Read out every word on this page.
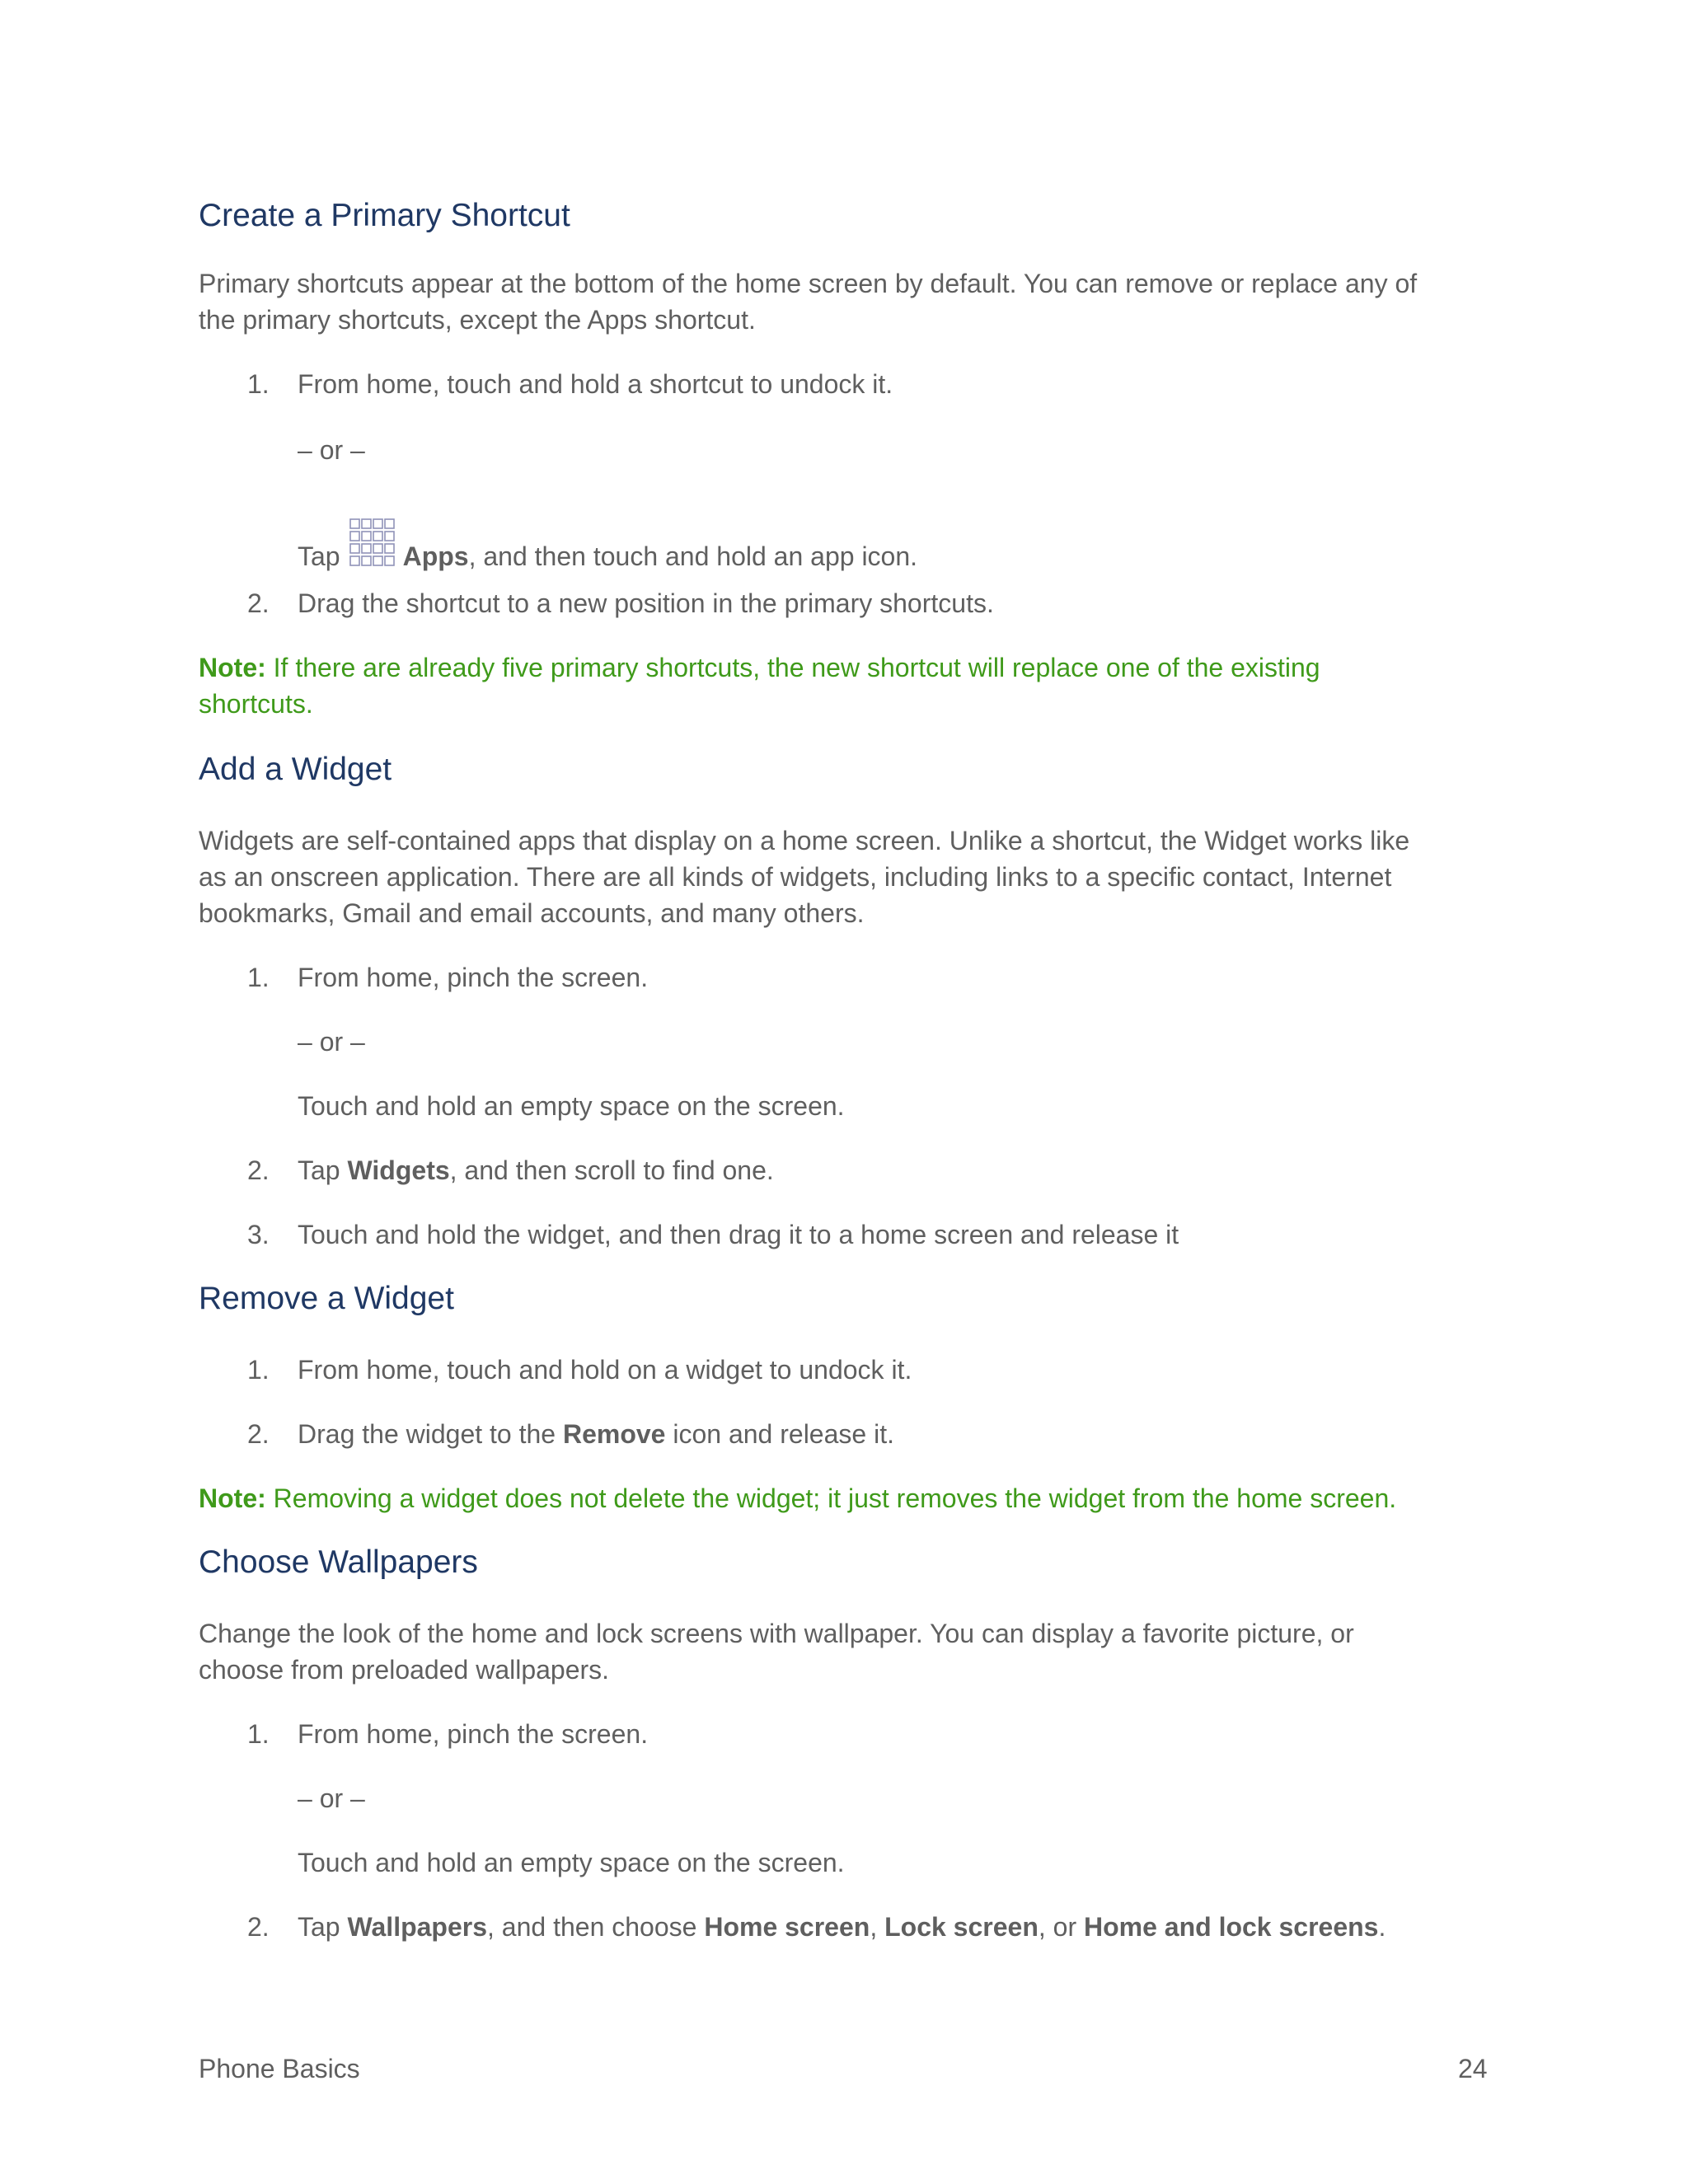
Create a Primary Shortcut

Primary shortcuts appear at the bottom of the home screen by default. You can remove or replace any of

the primary shortcuts, except the Apps shortcut.

1. From home, touch and hold a shortcut to undock it.
– or –
Tap Apps, and then touch and hold an app icon.
2. Drag the shortcut to a new position in the primary shortcuts.

Note: If there are already five primary shortcuts, the new shortcut will replace one of the existing

shortcuts.

Add a Widget

Widgets are self-contained apps that display on a home screen. Unlike a shortcut, the Widget works like

as an onscreen application. There are all kinds of widgets, including links to a specific contact, Internet

bookmarks, Gmail and email accounts, and many others.

1. From home, pinch the screen.
– or –
Touch and hold an empty space on the screen.
2. Tap Widgets, and then scroll to find one.
3. Touch and hold the widget, and then drag it to a home screen and release it
Remove a Widget
1. From home, touch and hold on a widget to undock it.
2. Drag the widget to the Remove icon and release it.

Note: Removing a widget does not delete the widget; it just removes the widget from the home screen.

Choose Wallpapers

Change the look of the home and lock screens with wallpaper. You can display a favorite picture, or

choose from preloaded wallpapers.

1. From home, pinch the screen.
– or –
Touch and hold an empty space on the screen.
2. Tap Wallpapers, and then choose Home screen, Lock screen, or Home and lock screens.
Phone Basics	24
